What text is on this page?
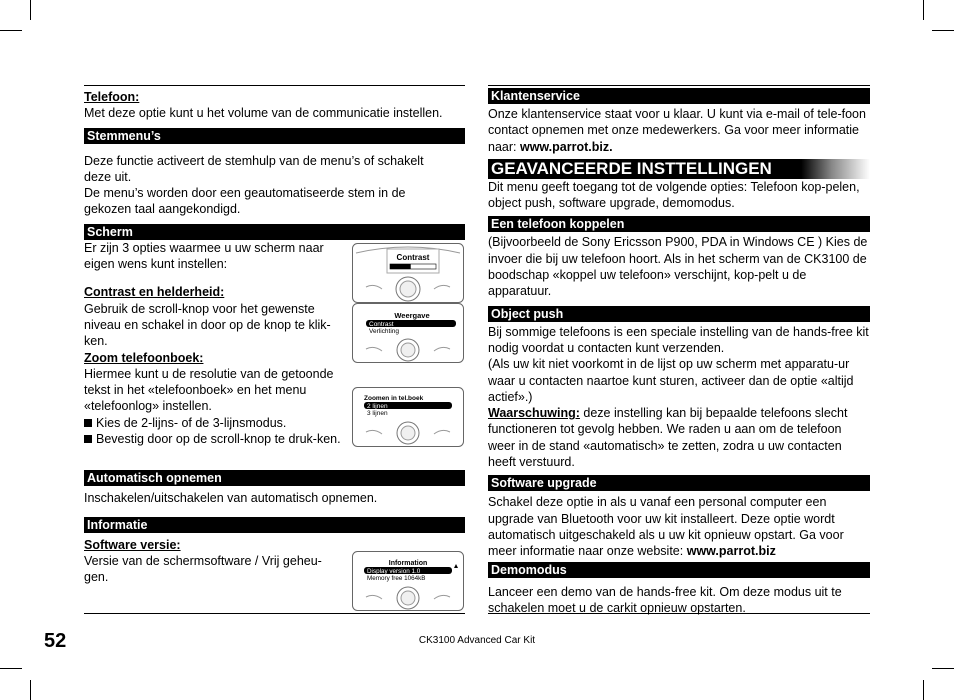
Telefoon:

Met deze optie kunt u het volume van de communicatie instellen.

Stemmenu’s

Deze functie activeert de stemhulp van de menu’s of schakelt deze uit.
De menu’s worden door een geautomatiseerde stem in de gekozen taal aangekondigd.

Scherm

Er zijn 3 opties waarmee u uw scherm naar eigen wens kunt instellen:

Contrast en helderheid:

Gebruik de scroll-knop voor het gewenste niveau en schakel in door op de knop te klik-ken.

Zoom telefoonboek:

Hiermee kunt u de resolutie van de getoonde tekst in het «telefoonboek» en het menu «telefoonlog» instellen.

Kies de 2-lijns- of de 3-lijnsmodus.

Bevestig door op de scroll-knop te druk-ken.

Automatisch opnemen

Inschakelen/uitschakelen van automatisch opnemen.

Informatie

Software versie:

Versie van de schermsoftware / Vrij geheu-gen.

Contrast
Weergave
Contrast
Verlichting
Zoomen in tel.boek
2 lijnen
3 lijnen
Information
Display version 1.0
Memory free 1064kB
Klantenservice

Onze klantenservice staat voor u klaar. U kunt via e-mail of tele-foon contact opnemen met onze medewerkers. Ga voor meer informatie naar: www.parrot.biz.

GEAVANCEERDE INSTTELLINGEN

Dit menu geeft toegang tot de volgende opties: Telefoon kop-pelen, object push, software upgrade, demomodus.

Een telefoon koppelen

(Bijvoorbeeld de Sony Ericsson P900, PDA in Windows CE ) Kies de invoer die bij uw telefoon hoort. Als in het scherm van de CK3100 de boodschap «koppel uw telefoon» verschijnt, kop-pelt u de apparatuur.

Object push

Bij sommige telefoons is een speciale instelling van de hands-free kit nodig voordat u contacten kunt verzenden.
(Als uw kit niet voorkomt in de lijst op uw scherm met apparatu-ur waar u contacten naartoe kunt sturen, activeer dan de optie «altijd actief».)
Waarschuwing: deze instelling kan bij bepaalde telefoons slecht functioneren tot gevolg hebben. We raden u aan om de telefoon weer in de stand «automatisch» te zetten, zodra u uw contacten heeft verstuurd.

Software upgrade

Schakel deze optie in als u vanaf een personal computer een upgrade van Bluetooth voor uw kit installeert. Deze optie wordt automatisch uitgeschakeld als u uw kit opnieuw opstart. Ga voor meer informatie naar onze website: www.parrot.biz

Demomodus

Lanceer een demo van de hands-free kit. Om deze modus uit te schakelen moet u de carkit opnieuw opstarten.

52	CK3100 Advanced Car Kit
